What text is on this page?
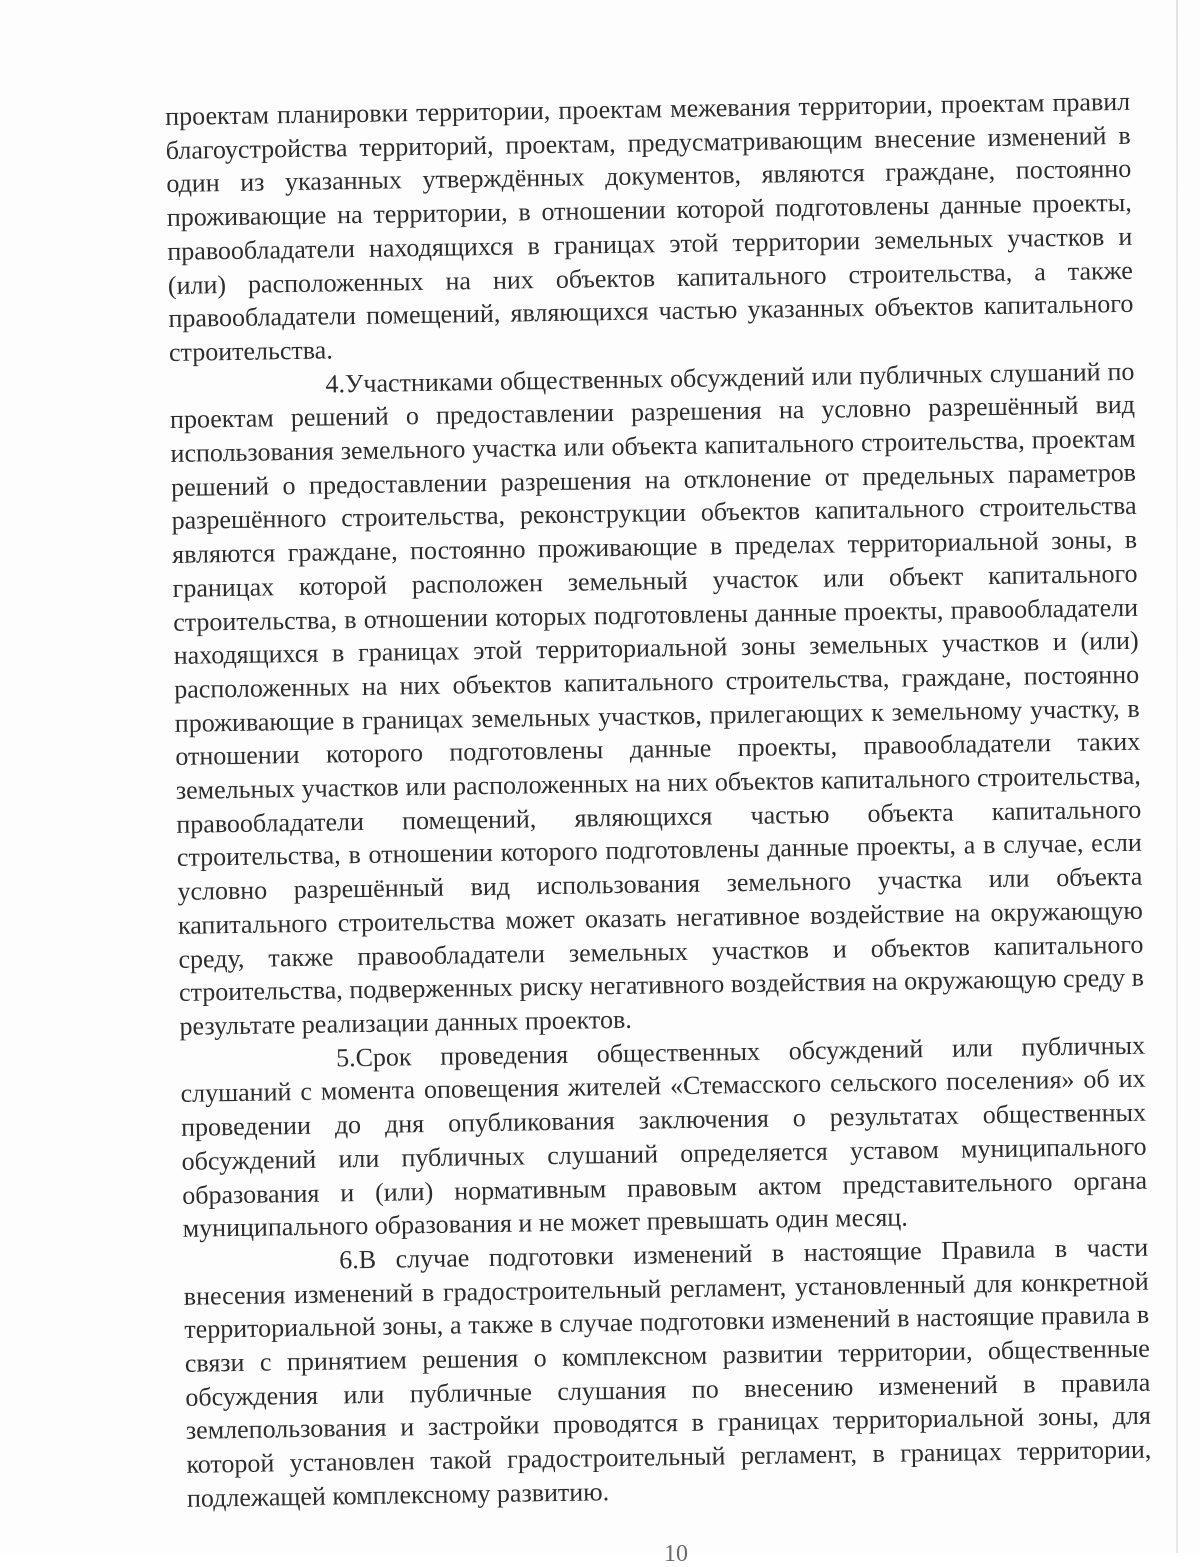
проектам планировки территории, проектам межевания территории, проектам правил благоустройства территорий, проектам, предусматривающим внесение изменений в один из указанных утверждённых документов, являются граждане, постоянно проживающие на территории, в отношении которой подготовлены данные проекты, правообладатели находящихся в границах этой территории земельных участков и (или) расположенных на них объектов капитального строительства, а также правообладатели помещений, являющихся частью указанных объектов капитального строительства.

4.Участниками общественных обсуждений или публичных слушаний по проектам решений о предоставлении разрешения на условно разрешённый вид использования земельного участка или объекта капитального строительства, проектам решений о предоставлении разрешения на отклонение от предельных параметров разрешённого строительства, реконструкции объектов капитального строительства являются граждане, постоянно проживающие в пределах территориальной зоны, в границах которой расположен земельный участок или объект капитального строительства, в отношении которых подготовлены данные проекты, правообладатели находящихся в границах этой территориальной зоны земельных участков и (или) расположенных на них объектов капитального строительства, граждане, постоянно проживающие в границах земельных участков, прилегающих к земельному участку, в отношении которого подготовлены данные проекты, правообладатели таких земельных участков или расположенных на них объектов капитального строительства, правообладатели помещений, являющихся частью объекта капитального строительства, в отношении которого подготовлены данные проекты, а в случае, если условно разрешённый вид использования земельного участка или объекта капитального строительства может оказать негативное воздействие на окружающую среду, также правообладатели земельных участков и объектов капитального строительства, подверженных риску негативного воздействия на окружающую среду в результате реализации данных проектов.

5.Срок проведения общественных обсуждений или публичных слушаний с момента оповещения жителей «Стемасского сельского поселения» об их проведении до дня опубликования заключения о результатах общественных обсуждений или публичных слушаний определяется уставом муниципального образования и (или) нормативным правовым актом представительного органа муниципального образования и не может превышать один месяц.

6.В случае подготовки изменений в настоящие Правила в части внесения изменений в градостроительный регламент, установленный для конкретной территориальной зоны, а также в случае подготовки изменений в настоящие правила в связи с принятием решения о комплексном развитии территории, общественные обсуждения или публичные слушания по внесению изменений в правила землепользования и застройки проводятся в границах территориальной зоны, для которой установлен такой градостроительный регламент, в границах территории, подлежащей комплексному развитию.

10
